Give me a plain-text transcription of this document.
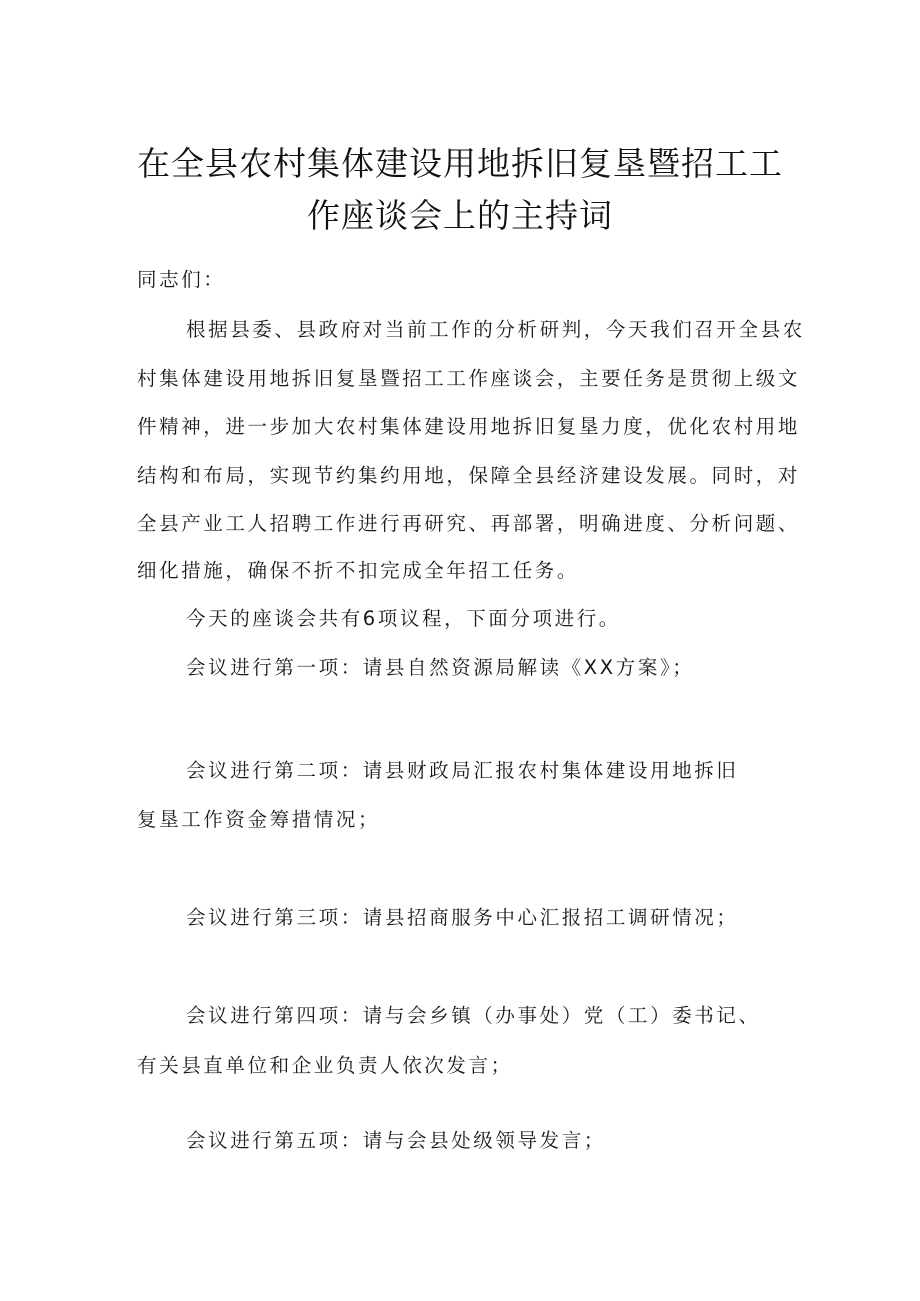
在全县农村集体建设用地拆旧复垦暨招工工
作座谈会上的主持词
同志们：
根据县委、县政府对当前工作的分析研判，今天我们召开全县农
村集体建设用地拆旧复垦暨招工工作座谈会，主要任务是贯彻上级文
件精神，进一步加大农村集体建设用地拆旧复垦力度，优化农村用地
结构和布局，实现节约集约用地，保障全县经济建设发展。同时，对
全县产业工人招聘工作进行再研究、再部署，明确进度、分析问题、
细化措施，确保不折不扣完成全年招工任务。
今天的座谈会共有6项议程，下面分项进行。
会议进行第一项：请县自然资源局解读《XX方案》；
会议进行第二项：请县财政局汇报农村集体建设用地拆旧
复垦工作资金筹措情况；
会议进行第三项：请县招商服务中心汇报招工调研情况；
会议进行第四项：请与会乡镇（办事处）党（工）委书记、
有关县直单位和企业负责人依次发言；
会议进行第五项：请与会县处级领导发言；
